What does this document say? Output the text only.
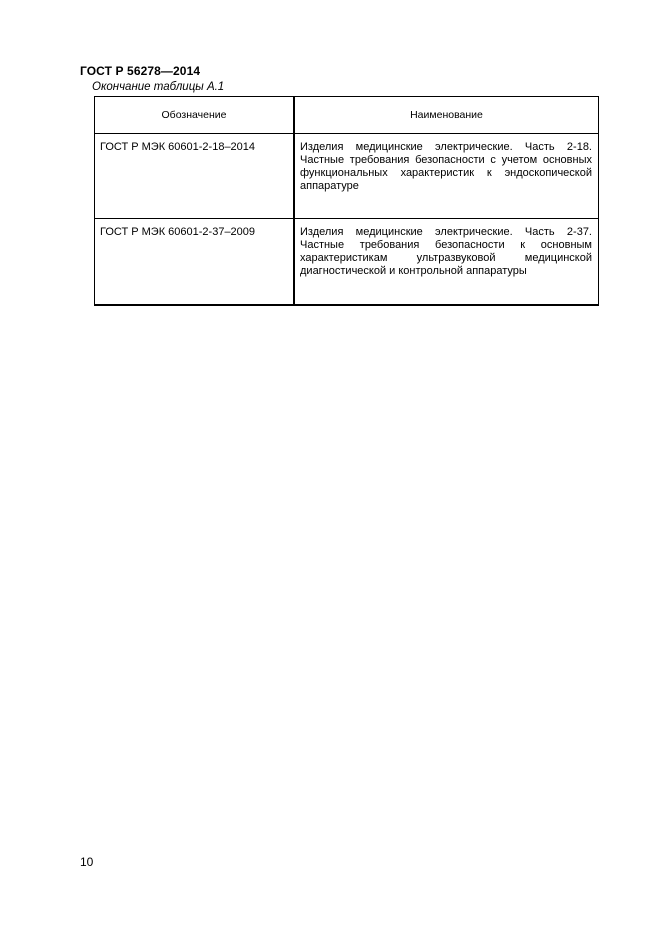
ГОСТ Р 56278—2014
Окончание таблицы А.1
Обозначение	Наименование
ГОСТ Р МЭК 60601-2-18–2014	Изделия медицинские электрические. Часть 2-18. Частные требования безопасности с учетом основных функциональных характеристик к эндоскопической аппаратуре
ГОСТ Р МЭК 60601-2-37–2009	Изделия медицинские электрические. Часть 2-37. Частные требования безопасности к основным характеристикам ультразвуковой медицинской диагностической и контрольной аппаратуры
10
